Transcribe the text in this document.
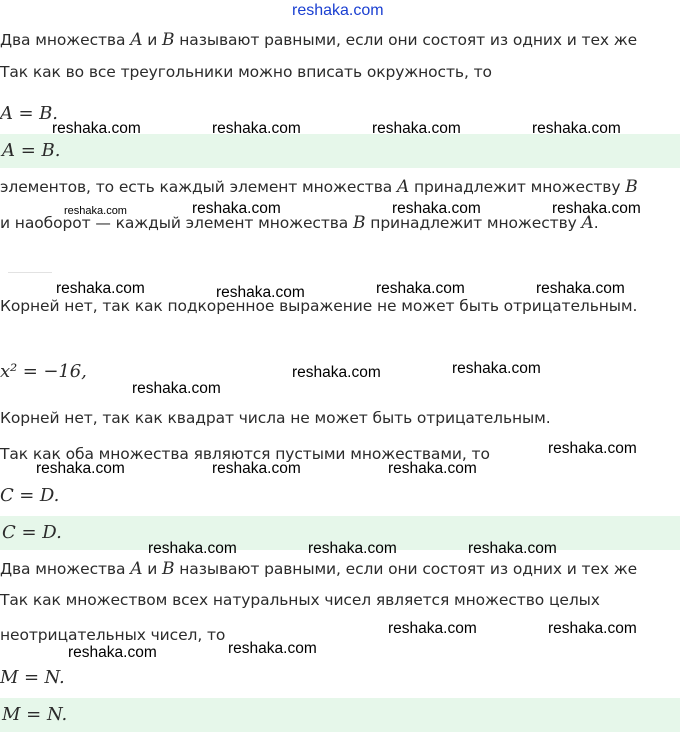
reshaka.com
Два множества A и B называют равными, если они состоят из одних и тех же
Так как во все треугольники можно вписать окружность, то
A = B.
A = B.
элементов, то есть каждый элемент множества A принадлежит множеству B
и наоборот — каждый элемент множества B принадлежит множеству A.
Корней нет, так как подкоренное выражение не может быть отрицательным.
x² = −16,
Корней нет, так как квадрат числа не может быть отрицательным.
Так как оба множества являются пустыми множествами, то
C = D.
C = D.
Два множества A и B называют равными, если они состоят из одних и тех же
Так как множеством всех натуральных чисел является множество целых
неотрицательных чисел, то
M = N.
M = N.
reshaka.com	reshaka.com	reshaka.com	reshaka.com
reshaka.com	reshaka.com	reshaka.com	reshaka.com
reshaka.com	reshaka.com	reshaka.com	reshaka.com
reshaka.com
reshaka.com	reshaka.com
reshaka.com
reshaka.com	reshaka.com	reshaka.com
reshaka.com	reshaka.com	reshaka.com
reshaka.com	reshaka.com
reshaka.com
reshaka.com
